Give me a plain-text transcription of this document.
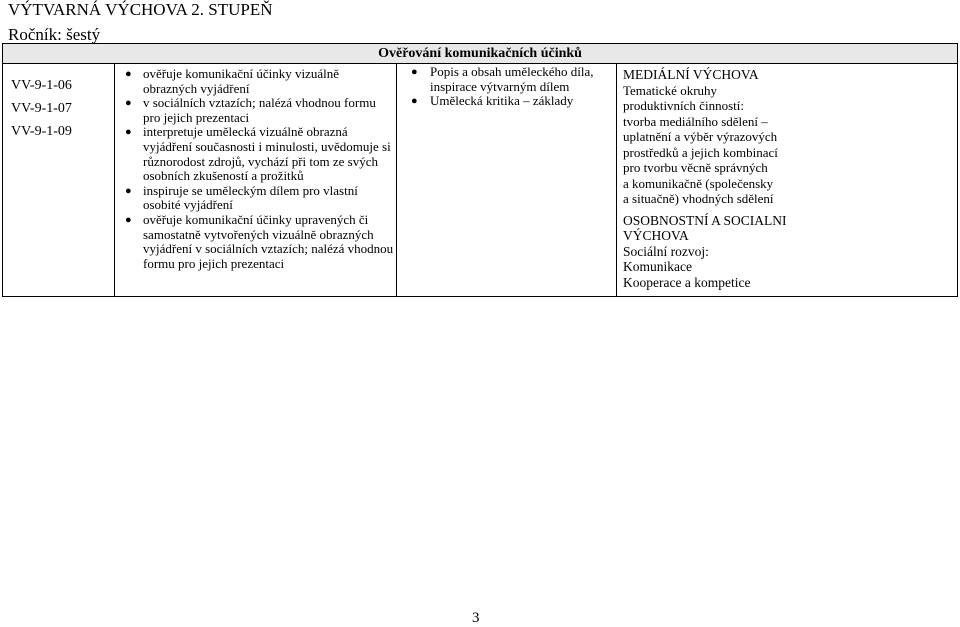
VÝTVARNÁ VÝCHOVA 2. STUPEŇ
Ročník: šestý
Ověřování komunikačních účinků

VV-9-1-06
VV-9-1-07
VV-9-1-09

● ověřuje komunikační účinky vizuálně obrazných vyjádření
● v sociálních vztazích; nalézá vhodnou formu pro jejich prezentaci
● interpretuje umělecká vizuálně obrazná vyjádření současnosti i minulosti, uvědomuje si různorodost zdrojů, vychází při tom ze svých osobních zkušeností a prožitků
● inspiruje se uměleckým dílem pro vlastní osobité vyjádření
● ověřuje komunikační účinky upravených či samostatně vytvořených vizuálně obrazných vyjádření v sociálních vztazích; nalézá vhodnou formu pro jejich prezentaci

● Popis a obsah uměleckého díla, inspirace výtvarným dílem
● Umělecká kritika – základy

MEDIÁLNÍ VÝCHOVA
Tematické okruhy
produktivních činností:
tvorba mediálního sdělení –
uplatnění a výběr výrazových
prostředků a jejich kombinací
pro tvorbu věcně správných
a komunikačně (společensky
a situačně) vhodných sdělení
OSOBNOSTNÍ A SOCIALNI
VÝCHOVA
Sociální rozvoj:
Komunikace
Kooperace a kompetice
3
